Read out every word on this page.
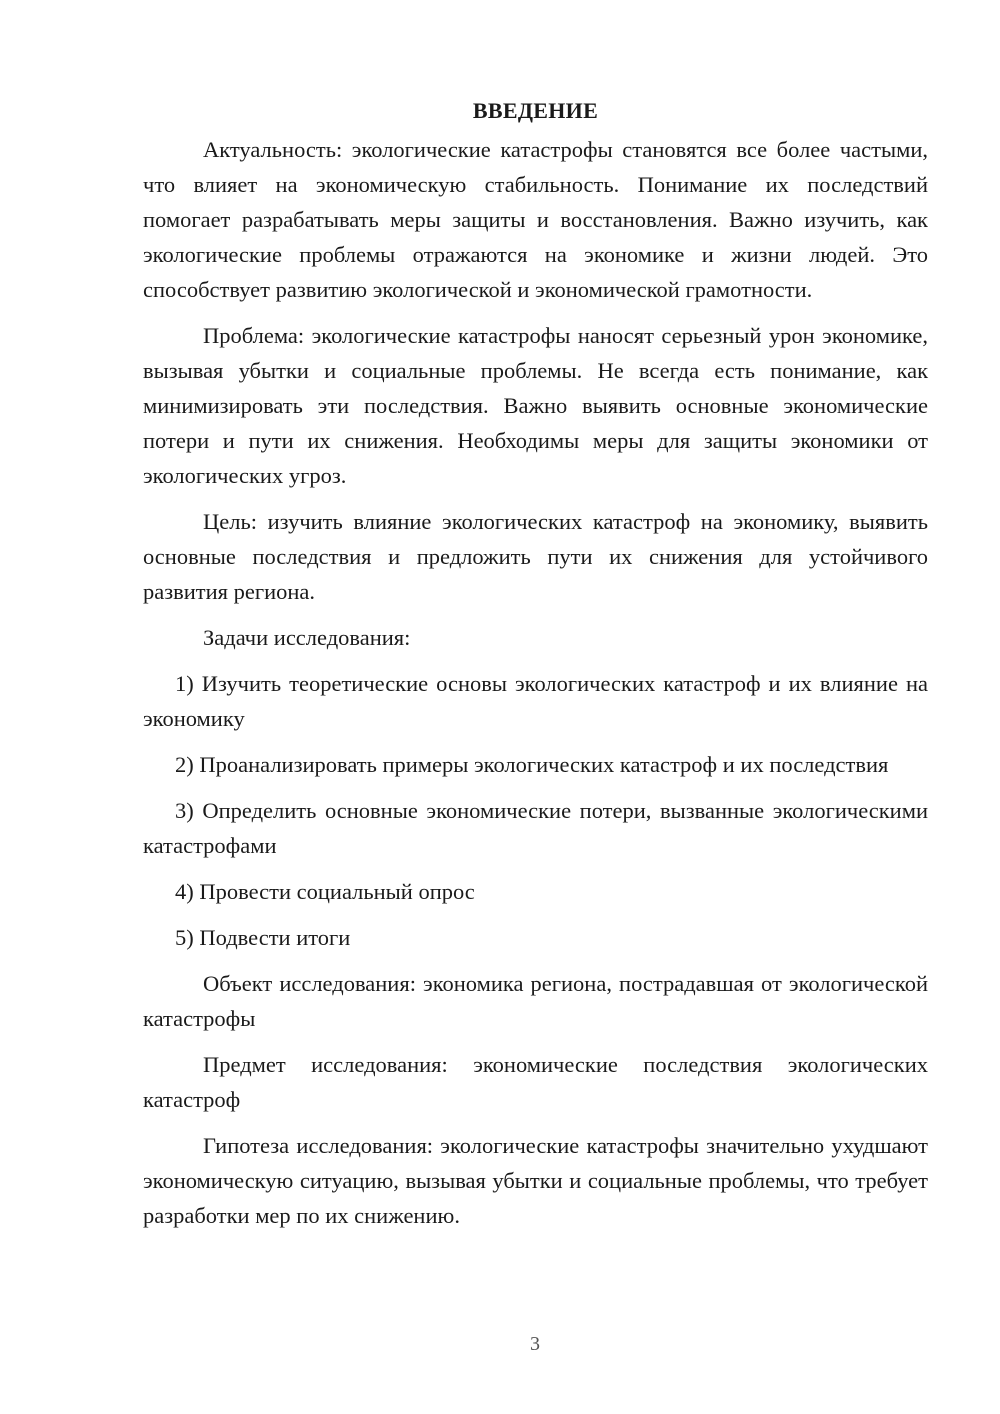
ВВЕДЕНИЕ

Актуальность: экологические катастрофы становятся все более частыми, что влияет на экономическую стабильность. Понимание их последствий помогает разрабатывать меры защиты и восстановления. Важно изучить, как экологические проблемы отражаются на экономике и жизни людей. Это способствует развитию экологической и экономической грамотности.

Проблема: экологические катастрофы наносят серьезный урон экономике, вызывая убытки и социальные проблемы. Не всегда есть понимание, как минимизировать эти последствия. Важно выявить основные экономические потери и пути их снижения. Необходимы меры для защиты экономики от экологических угроз.

Цель: изучить влияние экологических катастроф на экономику, выявить основные последствия и предложить пути их снижения для устойчивого развития региона.

Задачи исследования:

1) Изучить теоретические основы экологических катастроф и их влияние на экономику

2) Проанализировать примеры экологических катастроф и их последствия

3) Определить основные экономические потери, вызванные экологическими катастрофами

4) Провести социальный опрос

5) Подвести итоги

Объект исследования: экономика региона, пострадавшая от экологической катастрофы

Предмет исследования: экономические последствия экологических катастроф

Гипотеза исследования: экологические катастрофы значительно ухудшают экономическую ситуацию, вызывая убытки и социальные проблемы, что требует разработки мер по их снижению.

3
